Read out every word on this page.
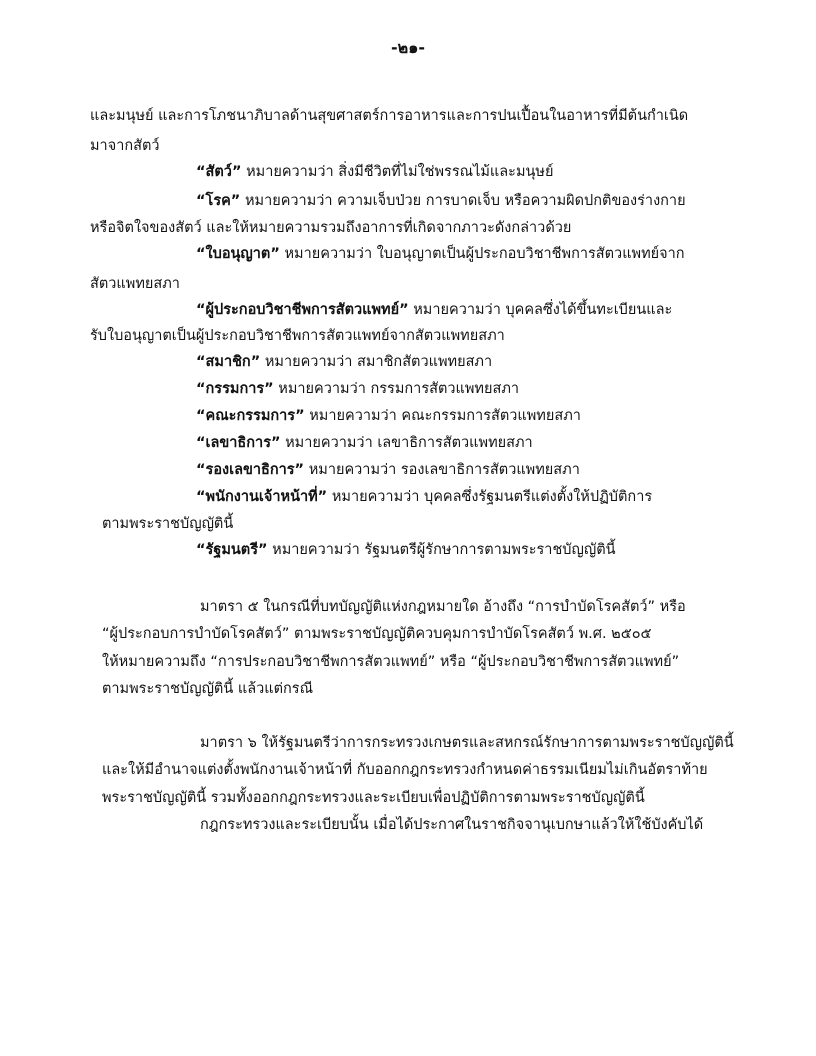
-๒๑-
และมนุษย์ และการโภชนาภิบาลด้านสุขศาสตร์การอาหารและการปนเปื้อนในอาหารที่มีต้นกำเนิด
มาจากสัตว์
“สัตว์” หมายความว่า สิ่งมีชีวิตที่ไม่ใช่พรรณไม้และมนุษย์
“โรค” หมายความว่า ความเจ็บป่วย การบาดเจ็บ หรือความผิดปกติของร่างกาย
หรือจิตใจของสัตว์ และให้หมายความรวมถึงอาการที่เกิดจากภาวะดังกล่าวด้วย
“ใบอนุญาต” หมายความว่า ใบอนุญาตเป็นผู้ประกอบวิชาชีพการสัตวแพทย์จาก
สัตวแพทยสภา
“ผู้ประกอบวิชาชีพการสัตวแพทย์” หมายความว่า บุคคลซึ่งได้ขึ้นทะเบียนและ
รับใบอนุญาตเป็นผู้ประกอบวิชาชีพการสัตวแพทย์จากสัตวแพทยสภา
“สมาชิก” หมายความว่า สมาชิกสัตวแพทยสภา
“กรรมการ” หมายความว่า กรรมการสัตวแพทยสภา
“คณะกรรมการ” หมายความว่า คณะกรรมการสัตวแพทยสภา
“เลขาธิการ” หมายความว่า เลขาธิการสัตวแพทยสภา
“รองเลขาธิการ” หมายความว่า รองเลขาธิการสัตวแพทยสภา
“พนักงานเจ้าหน้าที่” หมายความว่า บุคคลซึ่งรัฐมนตรีแต่งตั้งให้ปฏิบัติการ
ตามพระราชบัญญัตินี้
“รัฐมนตรี” หมายความว่า รัฐมนตรีผู้รักษาการตามพระราชบัญญัตินี้
มาตรา ๕ ในกรณีที่บทบัญญัติแห่งกฎหมายใด อ้างถึง “การบำบัดโรคสัตว์” หรือ
“ผู้ประกอบการบำบัดโรคสัตว์” ตามพระราชบัญญัติควบคุมการบำบัดโรคสัตว์ พ.ศ. ๒๕๐๕
ให้หมายความถึง “การประกอบวิชาชีพการสัตวแพทย์” หรือ “ผู้ประกอบวิชาชีพการสัตวแพทย์”
ตามพระราชบัญญัตินี้ แล้วแต่กรณี
มาตรา ๖ ให้รัฐมนตรีว่าการกระทรวงเกษตรและสหกรณ์รักษาการตามพระราชบัญญัตินี้
และให้มีอำนาจแต่งตั้งพนักงานเจ้าหน้าที่ กับออกกฎกระทรวงกำหนดค่าธรรมเนียมไม่เกินอัตราท้าย
พระราชบัญญัตินี้ รวมทั้งออกกฎกระทรวงและระเบียบเพื่อปฏิบัติการตามพระราชบัญญัตินี้
กฎกระทรวงและระเบียบนั้น เมื่อได้ประกาศในราชกิจจานุเบกษาแล้วให้ใช้บังคับได้
